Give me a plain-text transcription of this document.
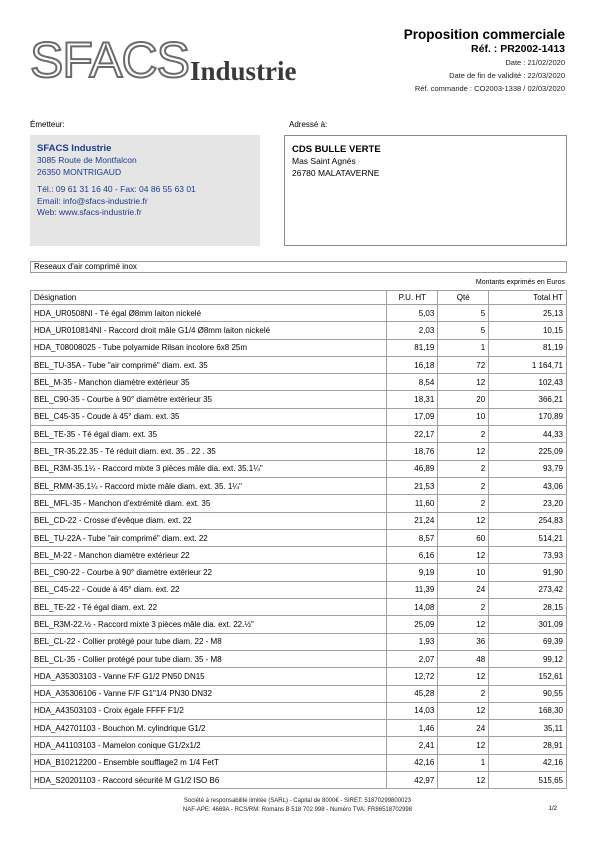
SFACS Industrie
Proposition commerciale
Réf. : PR2002-1413
Date : 21/02/2020
Date de fin de validité : 22/03/2020
Réf. commande : CO2003-1338 / 02/03/2020
Émetteur:	Adressé à:
SFACS Industrie
3085 Route de Montfalcon
26350 MONTRIGAUD
Tél.: 09 61 31 16 40 - Fax: 04 86 55 63 01
Email: info@sfacs-industrie.fr
Web: www.sfacs-industrie.fr
CDS BULLE VERTE
Mas Saint Agnés
26780 MALATAVERNE
Reseaux d'air comprimé inox
Montants exprimés en Euros
Désignation	P.U. HT	Qté	Total HT
HDA_UR0508NI - Té égal Ø8mm laiton nickelé	5,03	5	25,13
HDA_UR010814NI - Raccord droit mâle G1/4 Ø8mm laiton nickelé	2,03	5	10,15
HDA_T08008025 - Tube polyamide Rilsan incolore 6x8 25m	81,19	1	81,19
BEL_TU-35A - Tube "air comprimé" diam. ext. 35	16,18	72	1 164,71
BEL_M-35 - Manchon diamètre extérieur 35	8,54	12	102,43
BEL_C90-35 - Courbe à 90° diamètre extérieur 35	18,31	20	366,21
BEL_C45-35 - Coude à 45° diam. ext. 35	17,09	10	170,89
BEL_TE-35 - Té égal diam. ext. 35	22,17	2	44,33
BEL_TR-35.22.35 - Té réduit diam. ext. 35 . 22 . 35	18,76	12	225,09
BEL_R3M-35.1¼ - Raccord mixte 3 pièces mâle dia. ext. 35.1¼"	46,89	2	93,79
BEL_RMM-35.1¼ - Raccord mixte mâle diam. ext. 35. 1¼"	21,53	2	43,06
BEL_MFL-35 - Manchon d'extrémité diam. ext. 35	11,60	2	23,20
BEL_CD-22 - Crosse d'évêque diam. ext. 22	21,24	12	254,83
BEL_TU-22A - Tube "air comprimé" diam. ext. 22	8,57	60	514,21
BEL_M-22 - Manchon diamètre extérieur 22	6,16	12	73,93
BEL_C90-22 - Courbe à 90° diamètre extérieur 22	9,19	10	91,90
BEL_C45-22 - Coude à 45° diam. ext. 22	11,39	24	273,42
BEL_TE-22 - Té égal diam. ext. 22	14,08	2	28,15
BEL_R3M-22.½ - Raccord mixte 3 pièces mâle dia. ext. 22.½"	25,09	12	301,09
BEL_CL-22 - Collier protégé pour tube diam. 22 - M8	1,93	36	69,39
BEL_CL-35 - Collier protégé pour tube diam. 35 - M8	2,07	48	99,12
HDA_A35303103 - Vanne F/F G1/2 PN50 DN15	12,72	12	152,61
HDA_A35306106 - Vanne F/F G1"1/4 PN30 DN32	45,28	2	90,55
HDA_A43503103 - Croix égale FFFF F1/2	14,03	12	168,30
HDA_A42701103 - Bouchon M. cylindrique G1/2	1,46	24	35,11
HDA_A41103103 - Mamelon conique G1/2x1/2	2,41	12	28,91
HDA_B10212200 - Ensemble soufflage2 m 1/4 FetT	42,16	1	42,16
HDA_S20201103 - Raccord sécurité M G1/2 ISO B6	42,97	12	515,65
Société à responsabilité limitée (SARL) - Capital de 8000€ - SIRET: 51870299800023
NAF-APE: 4669A - RCS/RM: Romans B 518 702 998 - Numéro TVA: FR86518702998	1/2
